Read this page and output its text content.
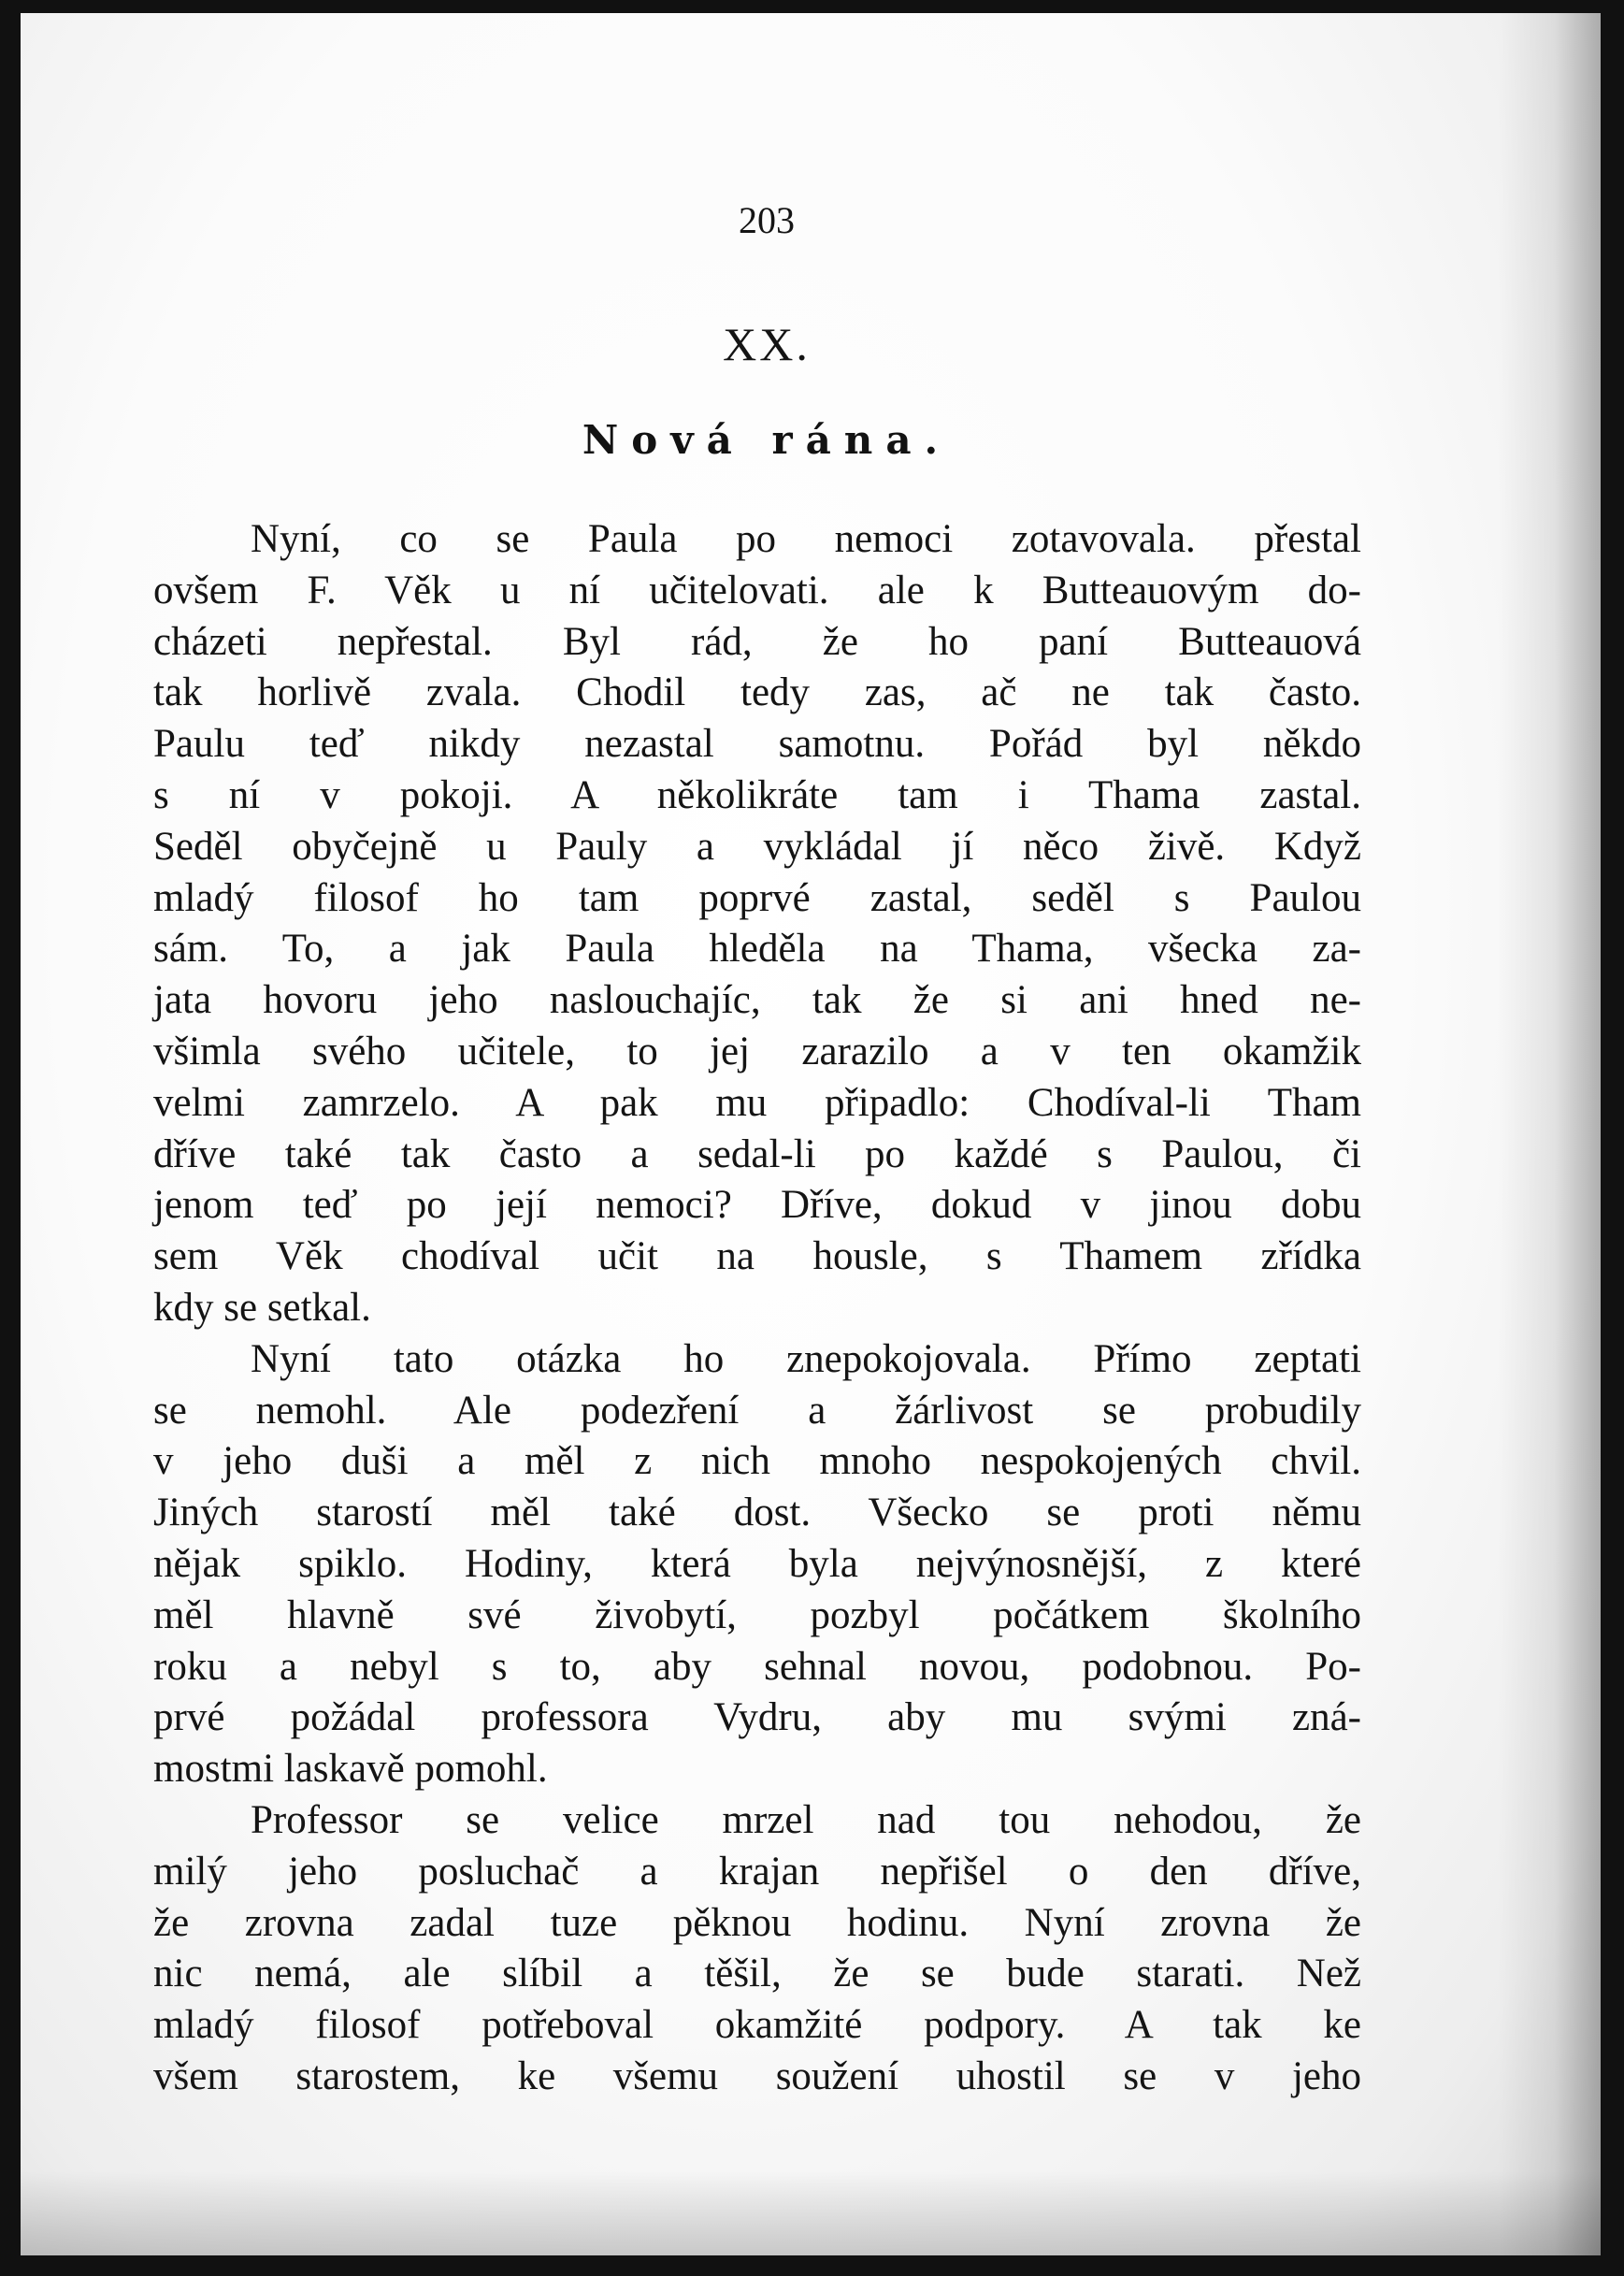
203
XX.
Nová rána.
Nyní, co se Paula po nemoci zotavovala. přestal
ovšem F. Věk u ní učitelovati. ale k Butteauovým do-
cházeti nepřestal. Byl rád, že ho paní Butteauová
tak horlivě zvala. Chodil tedy zas, ač ne tak často.
Paulu teď nikdy nezastal samotnu. Pořád byl někdo
s ní v pokoji. A několikráte tam i Thama zastal.
Seděl obyčejně u Pauly a vykládal jí něco živě. Když
mladý filosof ho tam poprvé zastal, seděl s Paulou
sám. To, a jak Paula hleděla na Thama, všecka za-
jata hovoru jeho naslouchajíc, tak že si ani hned ne-
všimla svého učitele, to jej zarazilo a v ten okamžik
velmi zamrzelo. A pak mu připadlo: Chodíval-li Tham
dříve také tak často a sedal-li po každé s Paulou, či
jenom teď po její nemoci? Dříve, dokud v jinou dobu
sem Věk chodíval učit na housle, s Thamem zřídka
kdy se setkal.
Nyní tato otázka ho znepokojovala. Přímo zeptati
se nemohl. Ale podezření a žárlivost se probudily
v jeho duši a měl z nich mnoho nespokojených chvil.
Jiných starostí měl také dost. Všecko se proti němu
nějak spiklo. Hodiny, která byla nejvýnosnější, z které
měl hlavně své živobytí, pozbyl počátkem školního
roku a nebyl s to, aby sehnal novou, podobnou. Po-
prvé požádal professora Vydru, aby mu svými zná-
mostmi laskavě pomohl.
Professor se velice mrzel nad tou nehodou, že
milý jeho posluchač a krajan nepřišel o den dříve,
že zrovna zadal tuze pěknou hodinu. Nyní zrovna že
nic nemá, ale slíbil a těšil, že se bude starati. Než
mladý filosof potřeboval okamžité podpory. A tak ke
všem starostem, ke všemu soužení uhostil se v jeho
